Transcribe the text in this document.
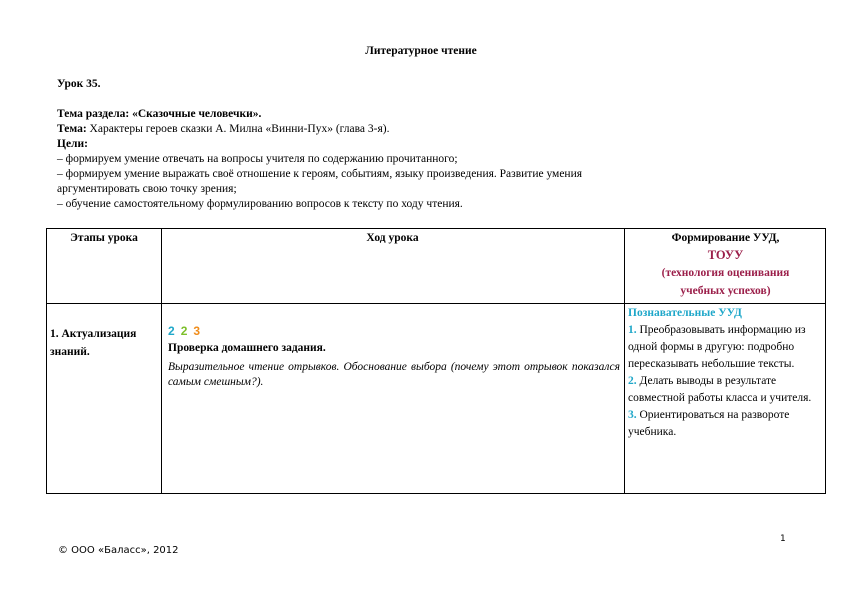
Литературное чтение
Урок 35.
Тема раздела: «Сказочные человечки».
Тема: Характеры героев сказки А. Милна «Винни-Пух» (глава 3-я).
Цели:
– формируем умение отвечать на вопросы учителя по содержанию прочитанного;
– формируем умение выражать своё отношение к героям, событиям, языку произведения. Развитие умения
аргументировать свою точку зрения;
– обучение самостоятельному формулированию вопросов к тексту по ходу чтения.
Этапы урока	Ход урока	Формирование УУД,
ТОУУ
(технология оценивания
учебных успехов)
1. Актуализация
знаний.
2 2 3
Проверка домашнего задания.
Выразительное чтение отрывков. Обоснование выбора (почему этот отрывок показался самым смешным?).
Познавательные УУД
1. Преобразовывать информацию из одной формы в другую: подробно пересказывать небольшие тексты.
2. Делать выводы в результате совместной работы класса и учителя.
3. Ориентироваться на развороте учебника.
1
© ООО «Баласс», 2012
